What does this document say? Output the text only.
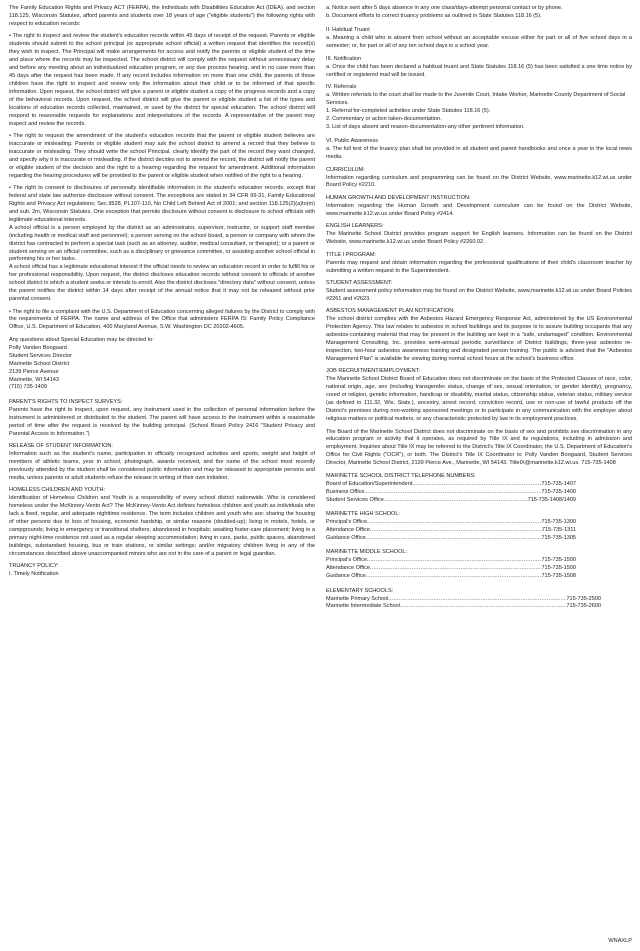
The Family Education Rights and Privacy ACT (FERPA), the Individuals with Disabilities Education Act (IDEA), and section 118.125, Wisconsin Statutes, afford parents and students over 18 years of age ("eligible students") the following rights with respect to education records:

• The right to inspect and review the student's education records within 45 days of receipt of the request. Parents or eligible students should submit to the school principal (or appropriate school official) a written request that identifies the record(s) they wish to inspect. The Principal will make arrangements for access and notify the parents or eligible student of the time and place where the records may be inspected. The school district will comply with the request without unnecessary delay and before any meeting about an individualized education program, or any due process hearing, and in no case more than 45 days after the request has been made. If any record includes information on more than one child, the parents of those children have the right to inspect and review only the information about their child or to be informed of that specific information. Upon request, the school district will give a parent or eligible student a copy of the progress records and a copy of the behavioral records. Upon request, the school district will give the parent or eligible student a list of the types and locations of education records collected, maintained, or used by the district for special education. The school district will respond to reasonable requests for explanations and interpretations of the records. A representative of the parent may inspect and review the records.

• The right to request the amendment of the student's education records that the parent or eligible student believes are inaccurate or misleading. Parents or eligible student may ask the school district to amend a record that they believe is inaccurate or misleading. They should write the school Principal, clearly identify the part of the record they want changed, and specify why it is inaccurate or misleading. If the district decides not to amend the record, the district will notify the parent or eligible student of the decision and the right to a hearing regarding the request for amendment. Additional information regarding the hearing procedures will be provided to the parent or eligible student when notified of the right to a hearing.

• The right to consent to disclosures of personally identifiable information in the student's education records, except that federal and state law authorize disclosure without consent. The exceptions are stated in 34 CFR 99-31, Family Educational Rights and Privacy Act regulations; Sec.9528, PL107-110, No Child Left Behind Act of 2001; and section 118.125(2)(a)to(m) and sub. 2m, Wisconsin Statutes. One exception that permits disclosure without consent is disclosure to school officials with legitimate educational interests.

A school official is a person employed by the district as an administrator, supervisor, instructor, or support staff member (including health or medical staff and personnel); a person serving on the school board, a person or company with whom the district has contracted to perform a special task (such as an attorney, auditor, medical consultant, or therapist); or a parent or student serving on an official committee, such as a disciplinary or grievance committee, or assisting another school official in performing his or her tasks.

A school official has a legitimate educational interest if the official needs to review an education record in order to fulfill his or her professional responsibility. Upon request, the district discloses education records without consent to officials of another school district in which a student seeks or intends to enroll. Also the district discloses "directory data" without consent, unless the parent notifies the district within 14 days after receipt of the annual notice that it may not be released without prior parental consent.

• The right to file a complaint with the U.S. Department of Education concerning alleged failures by the District to comply with the requirements of FERPA. The name and address of the Office that administers FERPA IS: Family Policy Compliance Office, U.S. Department of Education, 400 Maryland Avenue, S.W. Washington DC 20202-4605.

Any questions about Special Education may be directed to:
Polly Vanden Boogaard
Student Services Director
Marinette School District
2139 Pierce Avenue
Marinette, WI 54143
(715) 735-1409
PARENT'S RIGHTS TO INSPECT SURVEYS:

Parents have the right to inspect, upon request, any instrument used in the collection of personal information before the instrument is administered or distributed to the student. The parent will have access to the instrument within a reasonable period of time after the request is received by the building principal. (School Board Policy 2416 "Student Privacy and Parental Access to Information.")

RELEASE OF STUDENT INFORMATION:

Information such as the student's name, participation in officially recognized activities and sports, weight and height of members of athletic teams, year in school, photograph, awards received, and the name of the school most recently previously attended by the student shall be considered public information and may be released to appropriate persons and media, unless parents or adult students refuse the release in writing of their own initiation.

HOMELESS CHILDREN AND YOUTH:

Identification of Homeless Children and Youth is a responsibility of every school district nationwide. Who is considered homeless under the McKinney-Vento Act? The McKinney-Vento Act defines homeless children and youth as individuals who lack a fixed, regular, and adequate nighttime residence. The term includes children and youth who are: sharing the housing of other persons due to loss of housing, economic hardship, or similar reasons (doubled-up); living in motels, hotels, or campgrounds; living in emergency or transitional shelters; abandoned in hospitals; awaiting foster-care placement; living in a primary night-time residence not used as a regular sleeping accommodation; living in cars, parks, public spaces, abandoned buildings, substandard housing, bus or train stations, or similar settings; and/or migratory children living in any of the circumstances described above unaccompanied minors who are not in the care of a parent or legal guardian.

TRUANCY POLICY:
I. Timely Notification
a. Notice sent after 5 days absence in any one class/days-attempt personal contact or by phone.
b. Document efforts to correct truancy problems as outlined in State Statutes 118.16 (5).
II. Habitual Truant

a. Meaning a child who is absent from school without an acceptable excuse either for part or all of five school days in a semester; or, for part or all of any ten school days in a school year.

III. Notification

a. Once the child has been declared a habitual truant and State Statutes 118.16 (5) has been satisfied a one time notice by certified or registered mail will be issued.

IV. Referrals
a. Written referrals to the court shall be made to the Juvenile Court, Intake Worker, Marinette County Department of Social Services.
1. Referral for-completed activities under State Statutes 118.16 (5).
2. Commentary or action taken-documentation.
3. List of days absent and reason-documentation-any other pertinent information.
VI. Public Awareness

a. The full text of the truancy plan shall be provided in all student and parent handbooks and once a year in the local news media.

CURRICULUM:

Information regarding curriculum and programming can be found on the District Website, www.marinette.k12.wi.us under Board Policy #2210.

HUMAN GROWTH AND DEVELOPMENT INSTRUCTION:

Information regarding the Human Growth and Development curriculum can be found on the District Website, www.marinette.k12.wi.us under Board Policy #2414.

ENGLISH LEARNERS:

The Marinette School District provides program support for English learners. Information can be found on the District Website, www.marinette.k12.wi.us under Board Policy #2260.02.

TITLE I PROGRAM:

Parents may request and obtain information regarding the professional qualifications of their child's classroom teacher by submitting a written request to the Superintendent.

STUDENT ASSESSMENT:

Student assessment policy information may be found on the District Website, www.marinette.k12.wi.us under Board Policies #2261 and #2623.

ASBESTOS MANAGEMENT PLAN NOTIFICATION:

The school district complies with the Asbestos Hazard Emergency Response Act, administered by the US Environmental Protection Agency. This law relates to asbestos in school buildings and its purpose is to assure building occupants that any asbestos-containing material that may be present in the building are kept in a "safe, undamaged" condition. Environmental Management Consulting, Inc. provides semi-annual periodic surveillance of District buildings, three-year asbestos re-inspection, two-hour asbestos awareness training and designated person training. The public is advised that the "Asbestos Management Plan" is available for viewing during normal school hours at the school's business office.

JOB RECRUITMENT/EMPLOYMENT:

The Marinette School District Board of Education does not discriminate on the basis of the Protected Classes of race, color, national origin, age, sex (including transgender status, change of sex, sexual orientation, or gender identity), pregnancy, creed or religion, genetic information, handicap or disability, marital status, citizenship status, veteran status, military service (as defined in 111.32, Wis. Stats.), ancestry, arrest record, conviction record, use or non-use of lawful products off the District's premises during non-working sponsored meetings or to participate in any communication with the employer about religious matters or political matters, or any characteristic protected by law in its employment practices.

The Board of the Marinette School District does not discriminate on the basis of sex and prohibits sex discrimination in any education program or activity that it operates, as required by Title IX and its regulations, including in admission and employment. Inquiries about Title IX may be referred to the District's Title IX Coordinator, the U.S. Department of Education's Office for Civil Rights ("OCR"), or both. The District's Title IX Coordinator is: Polly Vanden Boogaard, Student Services Director, Marinette School District, 2139 Pierce Ave., Marinette, WI 54143. TitleIX@marinette.k12.wi.us. 715-735-1408

MARINETTE SCHOOL DISTRICT TELEPHONE NUMBERS:
Board of Education/Superintendent .....	715-735-1407
Business Office .....	715-735-1400
Student Services Office .....	715-735-1408/1409
MARINETTE HIGH SCHOOL:
Principal's Office .....	715-735-1300
Attendance Office .....	715-735-1311
Guidance Office .....	715-735-1305
MARINETTE MIDDLE SCHOOL:
Principal's Office .....	715-735-1500
Attendance Office .....	715-735-1500
Guidance Office .....	715-735-1508
ELEMENTARY SCHOOLS:
Marinette Primary School .....	715-735-2500
Marinette Intermediate School .....	715-735-2600
WNAXLP
